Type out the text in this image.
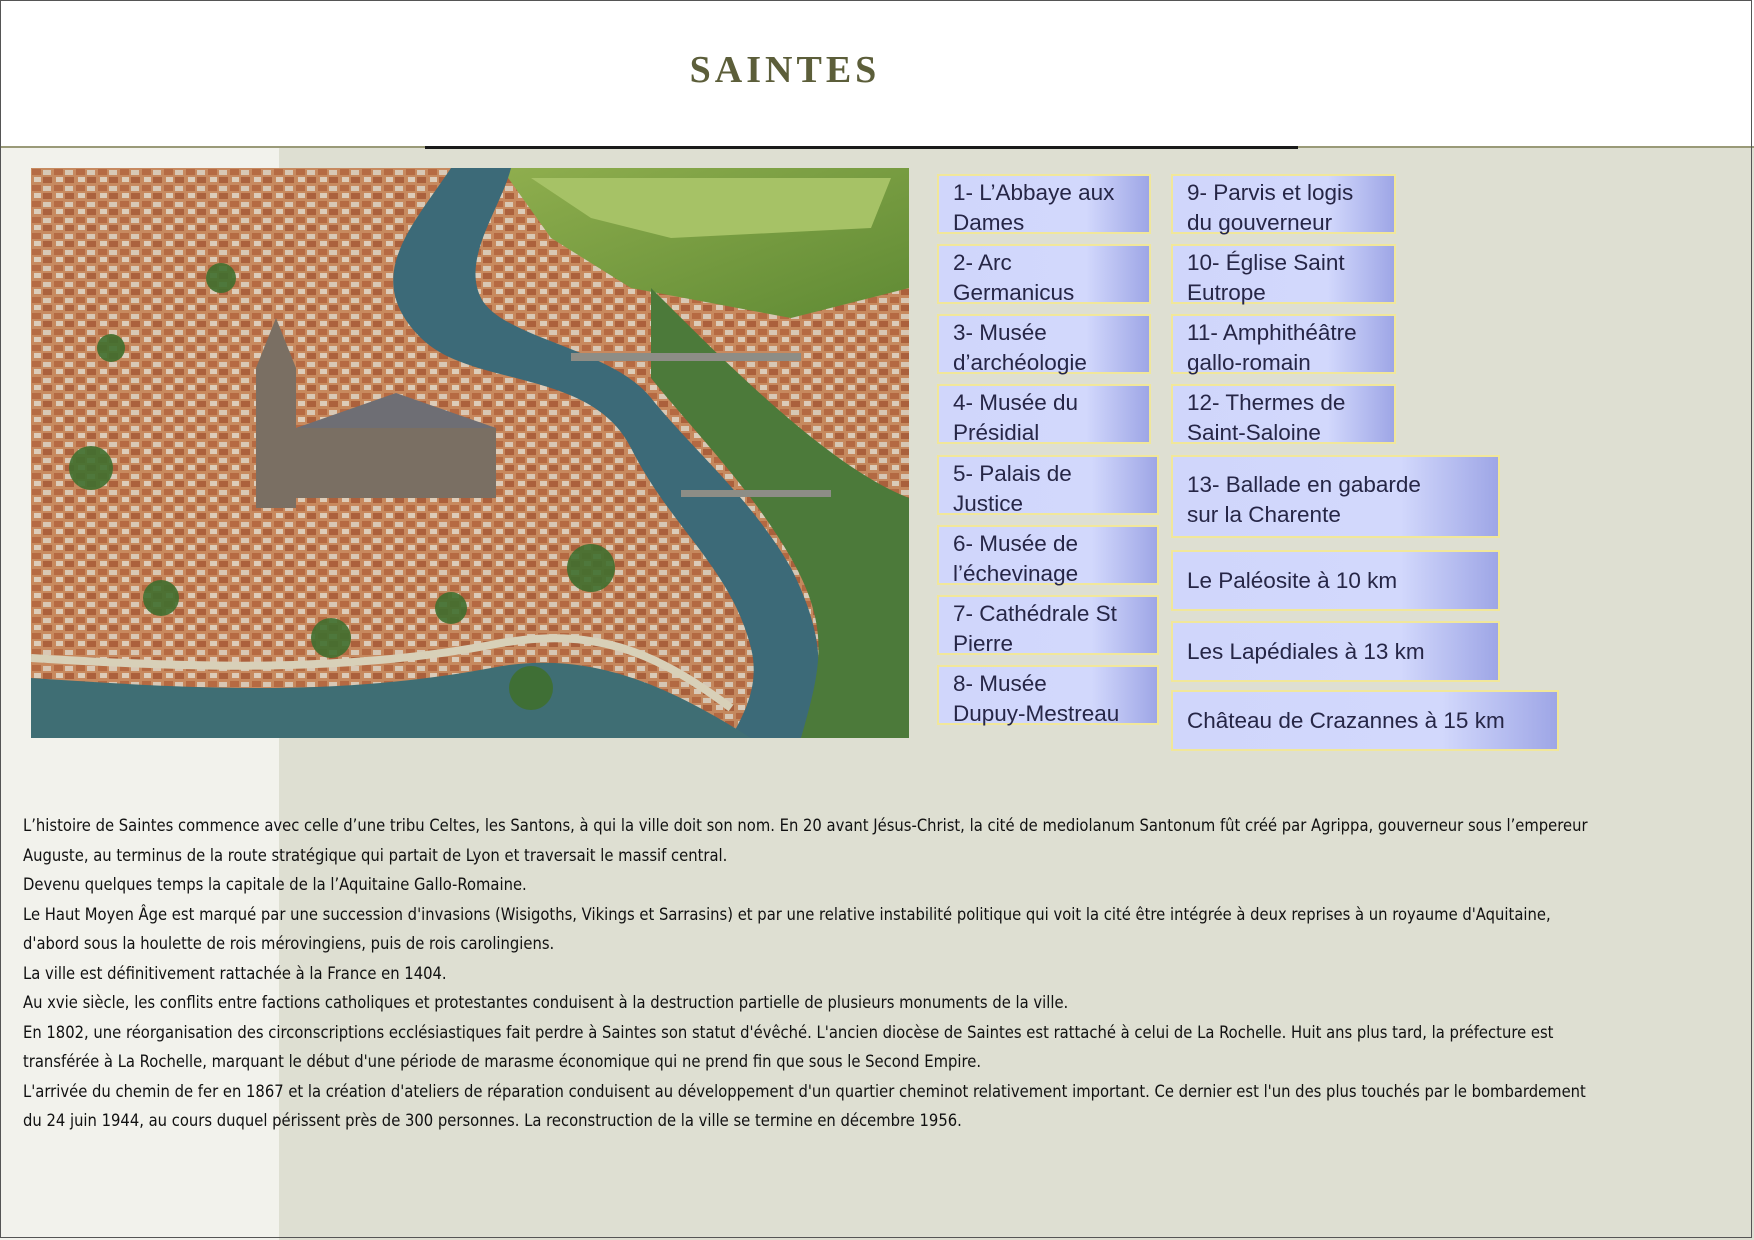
SAINTES
1- L’Abbaye aux
Dames
2- Arc
Germanicus
3- Musée
d’archéologie
4- Musée du
Présidial
5- Palais de
Justice
6- Musée de
l’échevinage
7- Cathédrale St
Pierre
8- Musée
Dupuy-Mestreau
9- Parvis et logis
du gouverneur
10- Église Saint
Eutrope
11- Amphithéâtre
gallo-romain
12- Thermes de
Saint-Saloine
13- Ballade en gabarde
sur la Charente
Le Paléosite à 10 km
Les Lapédiales à 13 km
Château de Crazannes à 15 km

L’histoire de Saintes commence avec celle d’une tribu Celtes, les Santons, à qui la ville doit son nom. En 20 avant Jésus-Christ, la cité de mediolanum Santonum fût créé par Agrippa, gouverneur sous l’empereur

Auguste, au terminus de la route stratégique qui partait de Lyon et traversait le massif central.

Devenu quelques temps la capitale de la l’Aquitaine Gallo-Romaine.

Le Haut Moyen Âge est marqué par une succession d'invasions (Wisigoths, Vikings et Sarrasins) et par une relative instabilité politique qui voit la cité être intégrée à deux reprises à un royaume d'Aquitaine,

d'abord sous la houlette de rois mérovingiens, puis de rois carolingiens.

La ville est définitivement rattachée à la France en 1404.

Au xvie siècle, les conflits entre factions catholiques et protestantes conduisent à la destruction partielle de plusieurs monuments de la ville.

En 1802, une réorganisation des circonscriptions ecclésiastiques fait perdre à Saintes son statut d'évêché. L'ancien diocèse de Saintes est rattaché à celui de La Rochelle. Huit ans plus tard, la préfecture est

transférée à La Rochelle, marquant le début d'une période de marasme économique qui ne prend fin que sous le Second Empire.

L'arrivée du chemin de fer en 1867 et la création d'ateliers de réparation conduisent au développement d'un quartier cheminot relativement important. Ce dernier est l'un des plus touchés par le bombardement

du 24 juin 1944, au cours duquel périssent près de 300 personnes. La reconstruction de la ville se termine en décembre 1956.
